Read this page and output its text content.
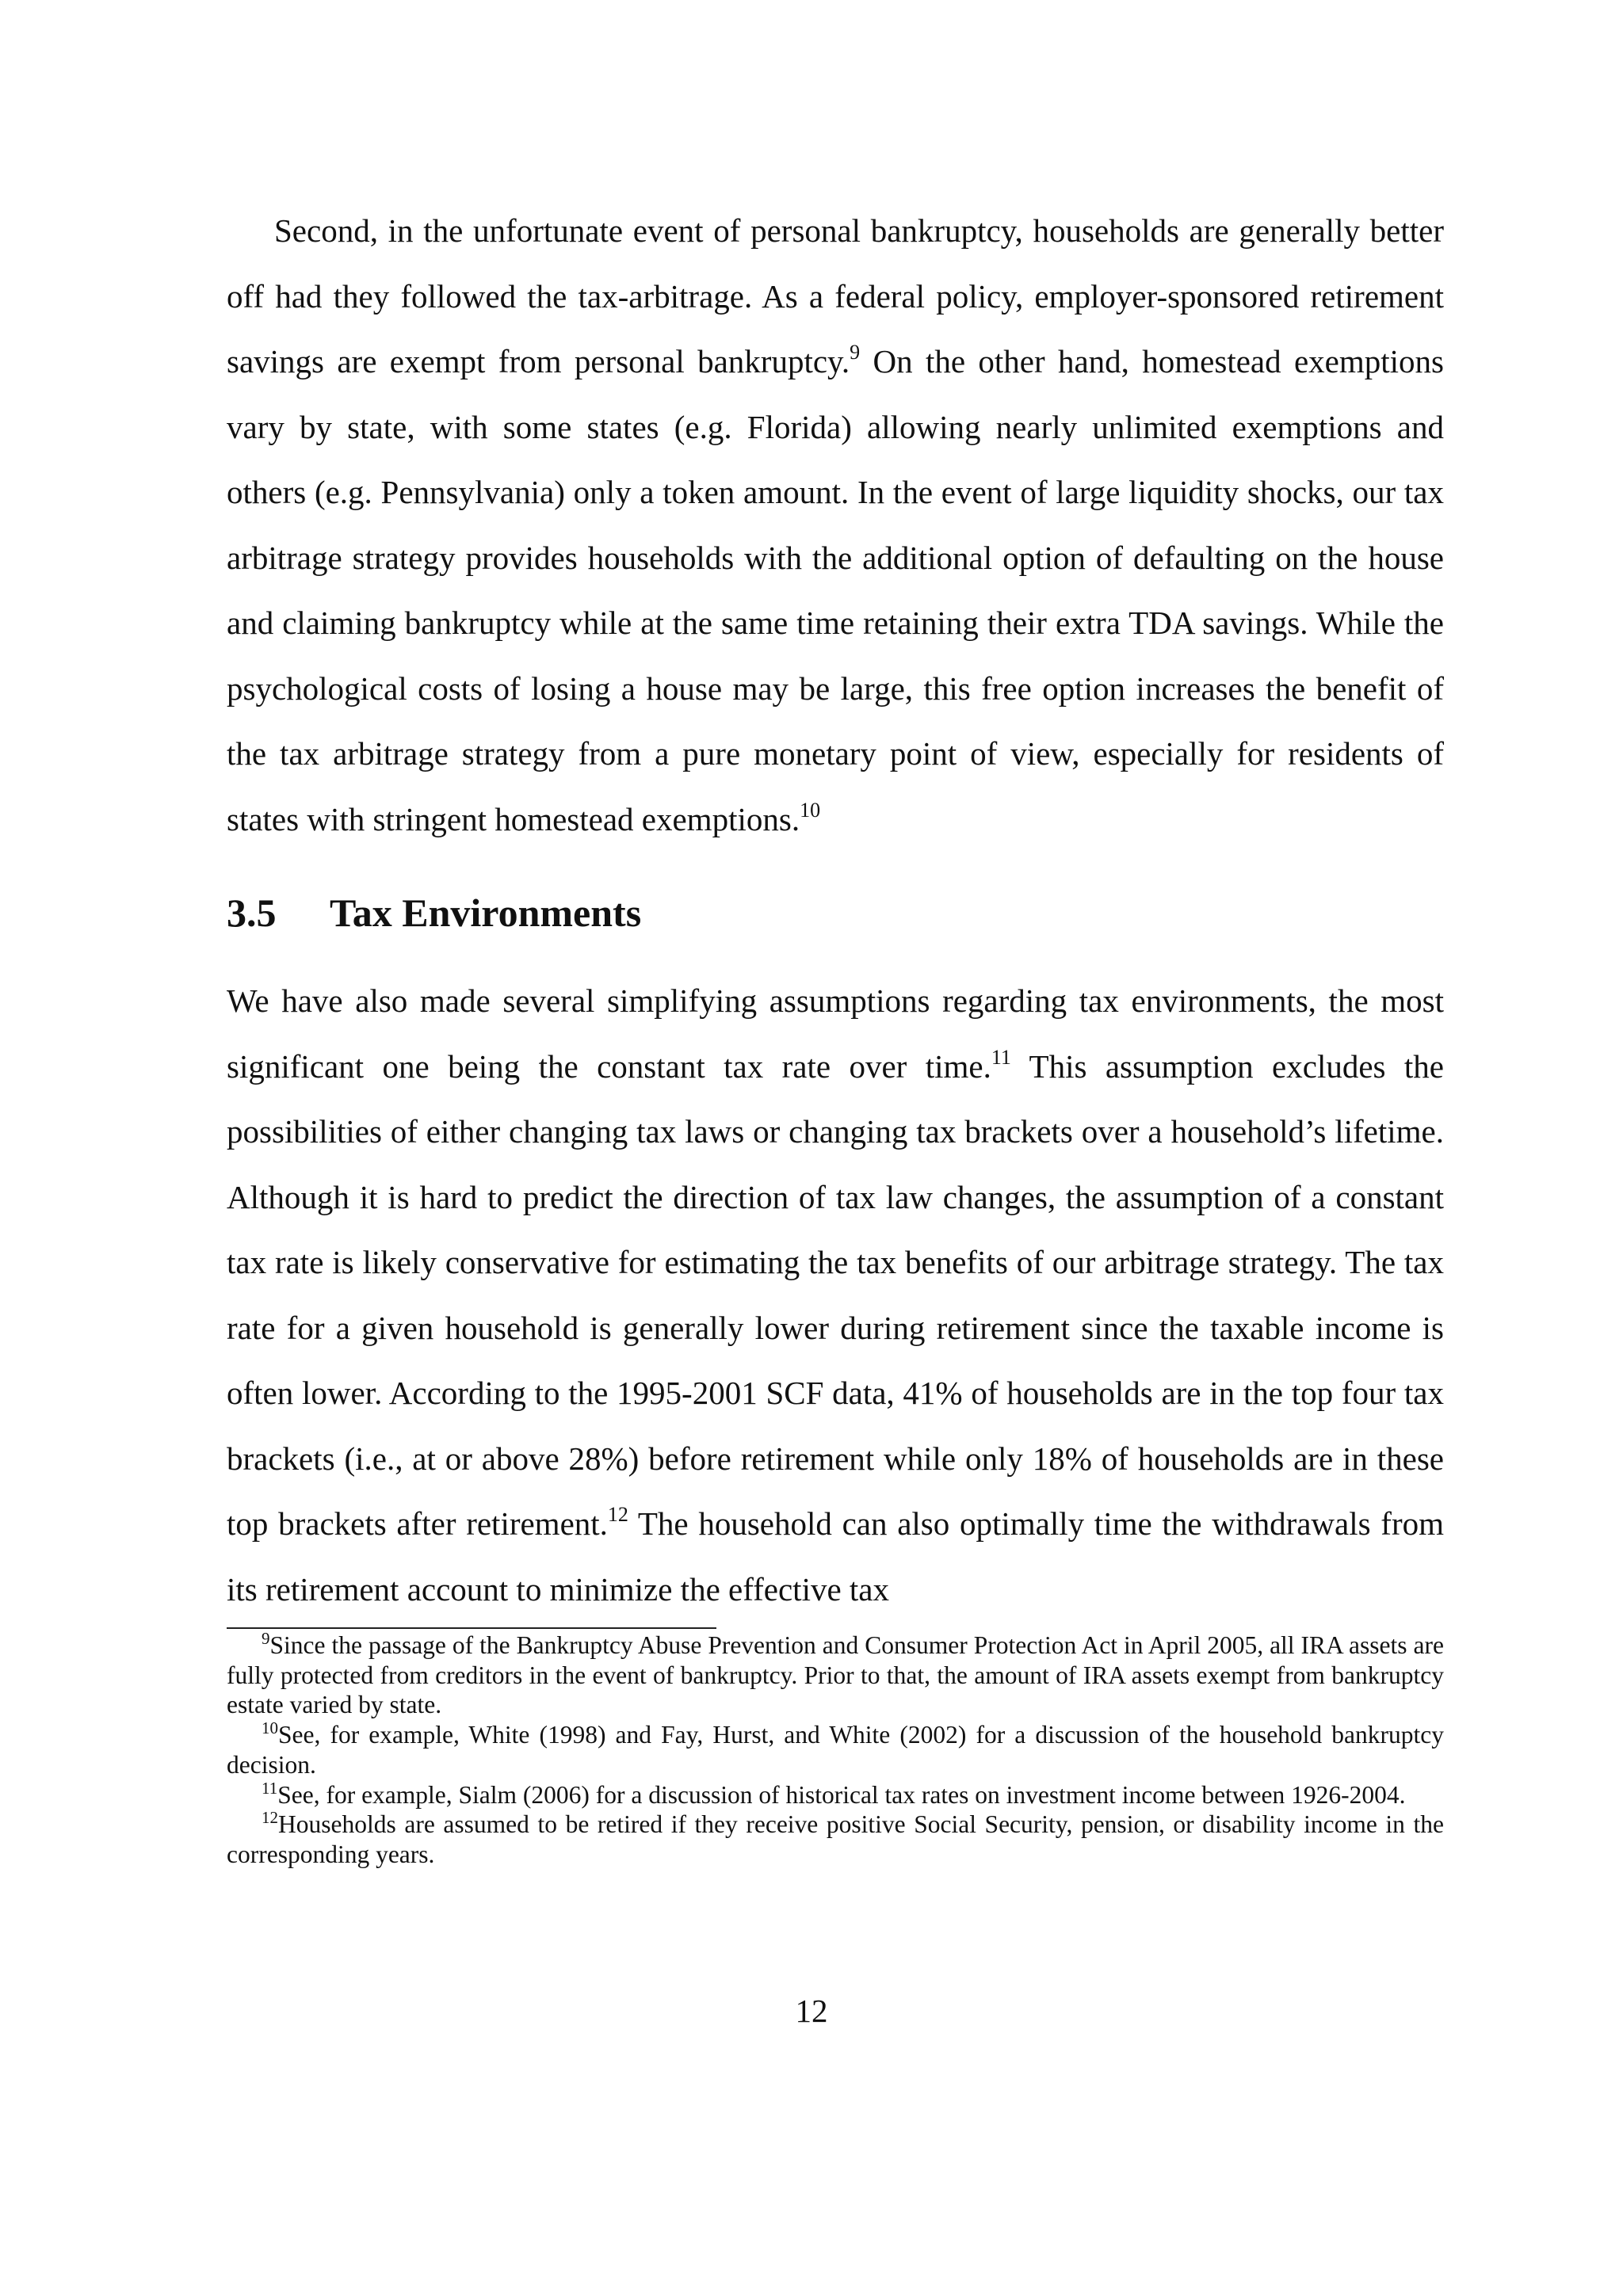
Second, in the unfortunate event of personal bankruptcy, households are generally better off had they followed the tax-arbitrage. As a federal policy, employer-sponsored retirement savings are exempt from personal bankruptcy.$^9$ On the other hand, homestead exemptions vary by state, with some states (e.g. Florida) allowing nearly unlimited exemptions and others (e.g. Pennsylvania) only a token amount. In the event of large liquidity shocks, our tax arbitrage strategy provides households with the additional option of defaulting on the house and claiming bankruptcy while at the same time retaining their extra TDA savings. While the psychological costs of losing a house may be large, this free option increases the benefit of the tax arbitrage strategy from a pure monetary point of view, especially for residents of states with stringent homestead exemptions.$^{10}$

3.5 Tax Environments

We have also made several simplifying assumptions regarding tax environments, the most significant one being the constant tax rate over time.$^{11}$ This assumption excludes the possibilities of either changing tax laws or changing tax brackets over a household’s lifetime. Although it is hard to predict the direction of tax law changes, the assumption of a constant tax rate is likely conservative for estimating the tax benefits of our arbitrage strategy. The tax rate for a given household is generally lower during retirement since the taxable income is often lower. According to the 1995-2001 SCF data, 41% of households are in the top four tax brackets (i.e., at or above 28%) before retirement while only 18% of households are in these top brackets after retirement.$^{12}$ The household can also optimally time the withdrawals from its retirement account to minimize the effective tax

$^9$Since the passage of the Bankruptcy Abuse Prevention and Consumer Protection Act in April 2005, all IRA assets are fully protected from creditors in the event of bankruptcy. Prior to that, the amount of IRA assets exempt from bankruptcy estate varied by state.

$^{10}$See, for example, White (1998) and Fay, Hurst, and White (2002) for a discussion of the household bankruptcy decision.

$^{11}$See, for example, Sialm (2006) for a discussion of historical tax rates on investment income between 1926-2004.

$^{12}$Households are assumed to be retired if they receive positive Social Security, pension, or disability income in the corresponding years.

12
